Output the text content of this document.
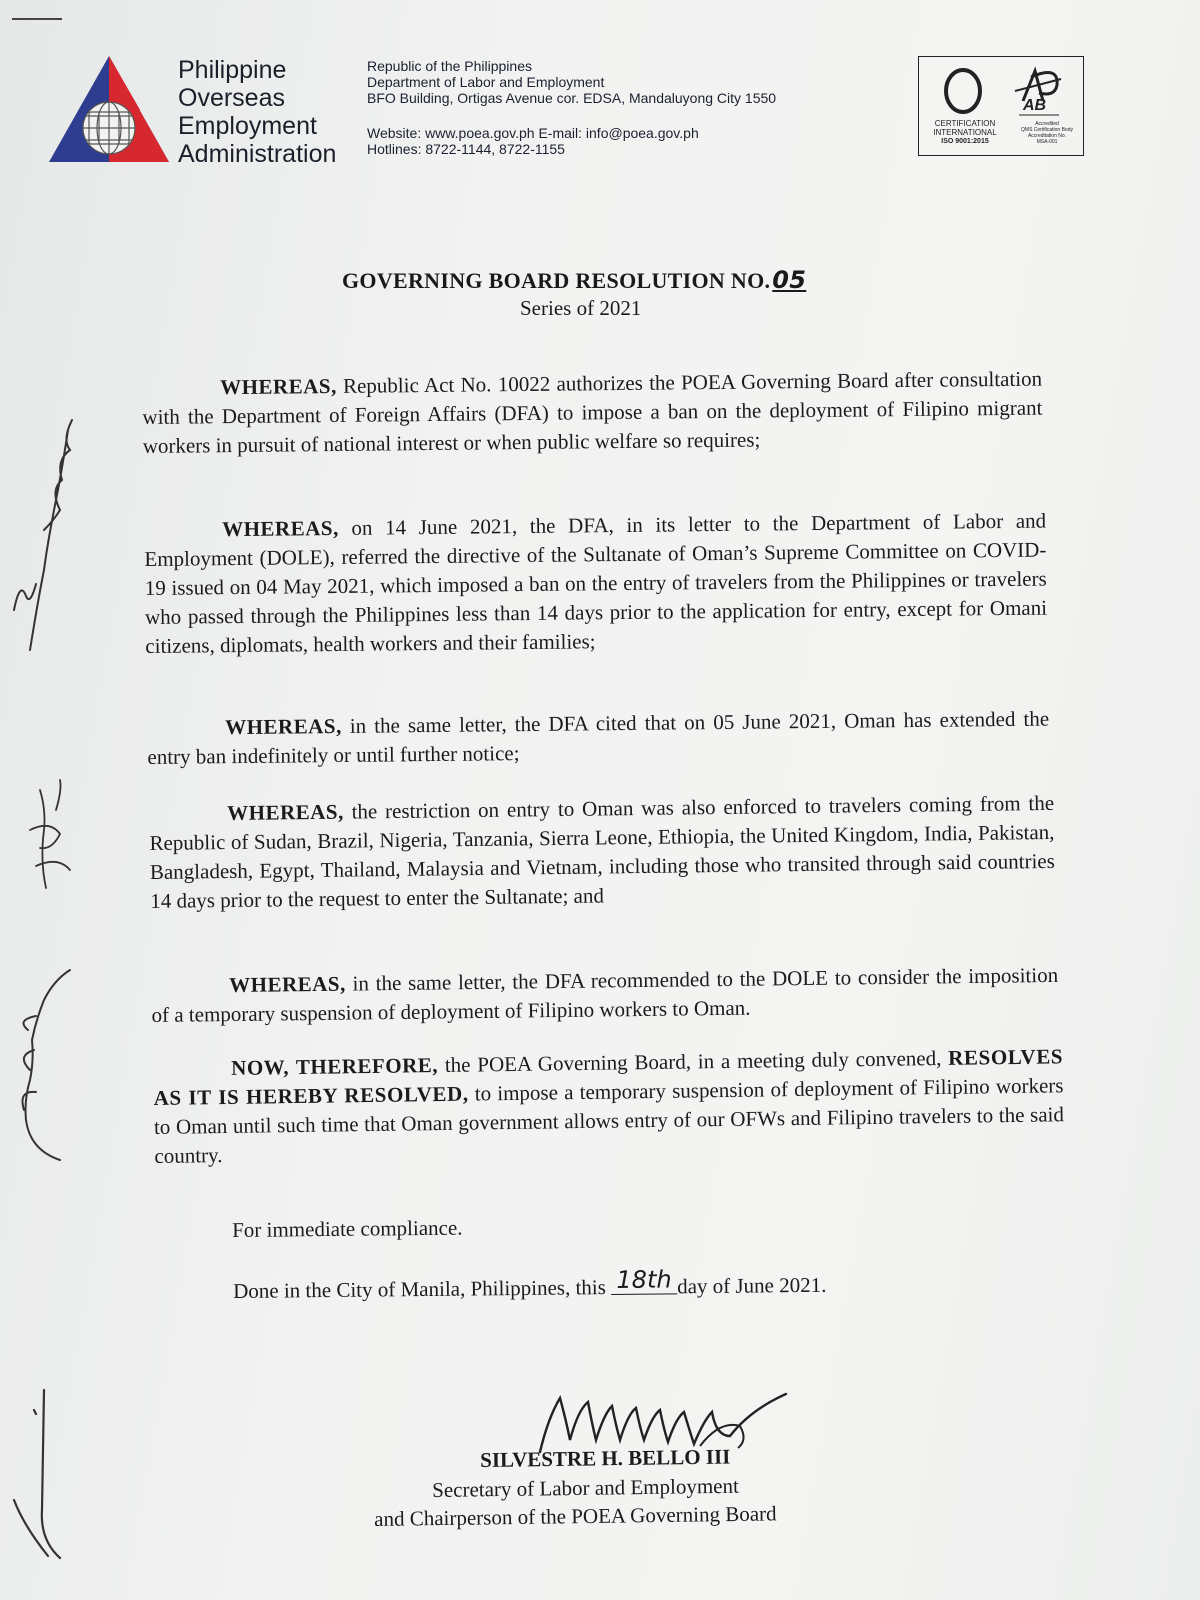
Philippine
Overseas
Employment
Administration
Republic of the Philippines
Department of Labor and Employment
BFO Building, Ortigas Avenue cor. EDSA, Mandaluyong City 1550
Website: www.poea.gov.ph E-mail: info@poea.gov.ph
Hotlines: 8722-1144, 8722-1155
AB
CERTIFICATION
INTERNATIONAL
ISO 9001:2015
Accredited
QMS Certification Body
Accreditation No.
MSA-001
GOVERNING BOARD RESOLUTION NO.05
Series of 2021
WHEREAS, Republic Act No. 10022 authorizes the POEA Governing Board after consultation with the Department of Foreign Affairs (DFA) to impose a ban on the deployment of Filipino migrant workers in pursuit of national interest or when public welfare so requires;
WHEREAS, on 14 June 2021, the DFA, in its letter to the Department of Labor and Employment (DOLE), referred the directive of the Sultanate of Oman’s Supreme Committee on COVID-19 issued on 04 May 2021, which imposed a ban on the entry of travelers from the Philippines or travelers who passed through the Philippines less than 14 days prior to the application for entry, except for Omani citizens, diplomats, health workers and their families;
WHEREAS, in the same letter, the DFA cited that on 05 June 2021, Oman has extended the entry ban indefinitely or until further notice;
WHEREAS, the restriction on entry to Oman was also enforced to travelers coming from the Republic of Sudan, Brazil, Nigeria, Tanzania, Sierra Leone, Ethiopia, the United Kingdom, India, Pakistan, Bangladesh, Egypt, Thailand, Malaysia and Vietnam, including those who transited through said countries 14 days prior to the request to enter the Sultanate; and
WHEREAS, in the same letter, the DFA recommended to the DOLE to consider the imposition of a temporary suspension of deployment of Filipino workers to Oman.
NOW, THEREFORE, the POEA Governing Board, in a meeting duly convened, RESOLVES AS IT IS HEREBY RESOLVED, to impose a temporary suspension of deployment of Filipino workers to Oman until such time that Oman government allows entry of our OFWs and Filipino travelers to the said country.
For immediate compliance.
Done in the City of Manila, Philippines, this 18th day of June 2021.
SILVESTRE H. BELLO III
Secretary of Labor and Employment
and Chairperson of the POEA Governing Board
